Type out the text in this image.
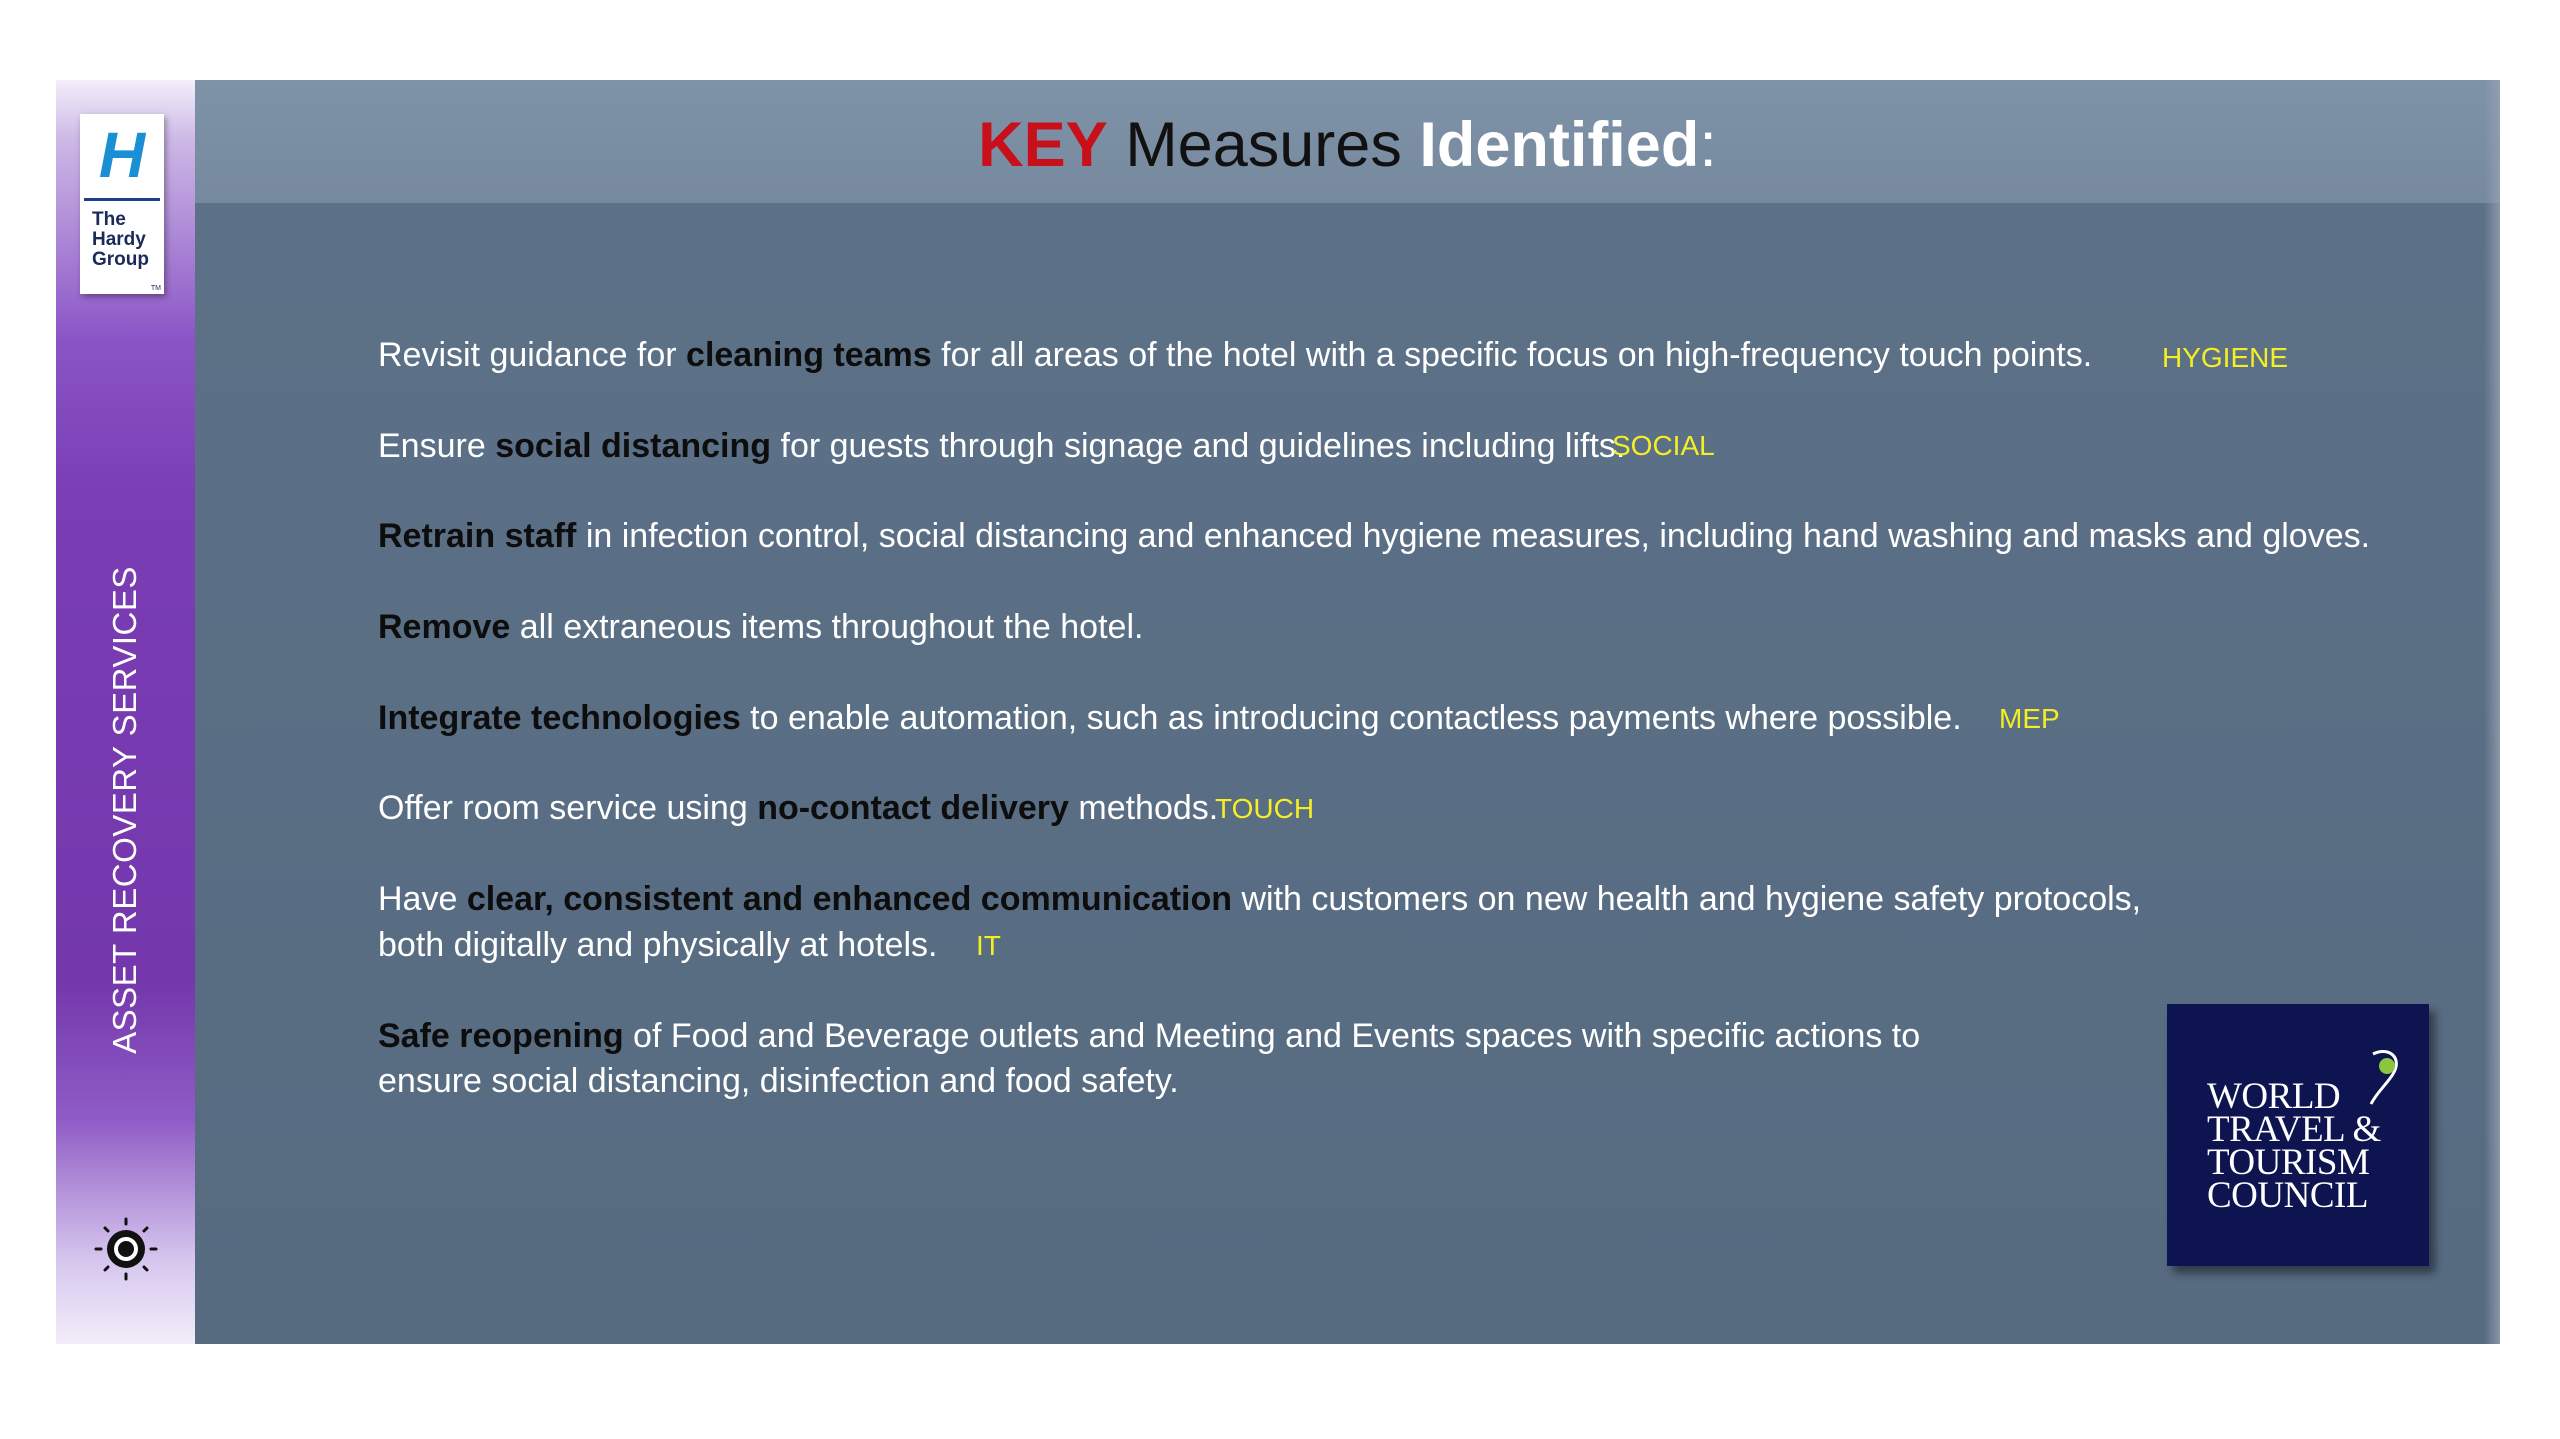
H
The
Hardy
Group
TM
ASSET RECOVERY SERVICES
KEY Measures Identified:
Revisit guidance for cleaning teams for all areas of the hotel with a specific focus on high-frequency touch points. HYGIENE
Ensure social distancing for guests through signage and guidelines including lifts.
SOCIAL
Retrain staff in infection control, social distancing and enhanced hygiene measures, including hand washing and masks and gloves.
Remove all extraneous items throughout the hotel.
Integrate technologies to enable automation, such as introducing contactless payments where possible. MEP
Offer room service using no-contact delivery methods.
TOUCH
Have clear, consistent and enhanced communication with customers on new health and hygiene safety protocols,
both digitally and physically at hotels. IT
Safe reopening of Food and Beverage outlets and Meeting and Events spaces with specific actions to
ensure social distancing, disinfection and food safety.	WORLD
TRAVEL &
TOURISM
COUNCIL
